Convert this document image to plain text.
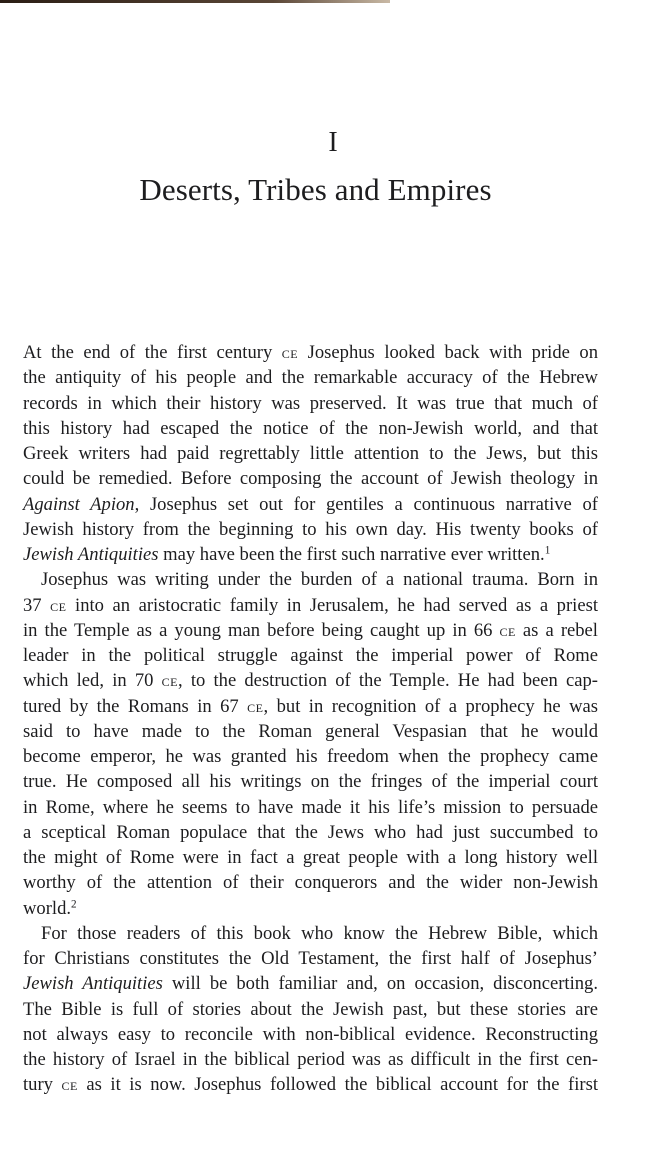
I
Deserts, Tribes and Empires
At the end of the first century ce Josephus looked back with pride on
the antiquity of his people and the remarkable accuracy of the Hebrew
records in which their history was preserved. It was true that much of
this history had escaped the notice of the non-Jewish world, and that
Greek writers had paid regrettably little attention to the Jews, but this
could be remedied. Before composing the account of Jewish theology in
Against Apion, Josephus set out for gentiles a continuous narrative of
Jewish history from the beginning to his own day. His twenty books of
Jewish Antiquities may have been the first such narrative ever written.$^1$
Josephus was writing under the burden of a national trauma. Born in
37 ce into an aristocratic family in Jerusalem, he had served as a priest
in the Temple as a young man before being caught up in 66 ce as a rebel
leader in the political struggle against the imperial power of Rome
which led, in 70 ce, to the destruction of the Temple. He had been cap-
tured by the Romans in 67 ce, but in recognition of a prophecy he was
said to have made to the Roman general Vespasian that he would
become emperor, he was granted his freedom when the prophecy came
true. He composed all his writings on the fringes of the imperial court
in Rome, where he seems to have made it his life’s mission to persuade
a sceptical Roman populace that the Jews who had just succumbed to
the might of Rome were in fact a great people with a long history well
worthy of the attention of their conquerors and the wider non-Jewish
world.$^2$
For those readers of this book who know the Hebrew Bible, which
for Christians constitutes the Old Testament, the first half of Josephus’
Jewish Antiquities will be both familiar and, on occasion, disconcerting.
The Bible is full of stories about the Jewish past, but these stories are
not always easy to reconcile with non-biblical evidence. Reconstructing
the history of Israel in the biblical period was as difficult in the first cen-
tury ce as it is now. Josephus followed the biblical account for the first
